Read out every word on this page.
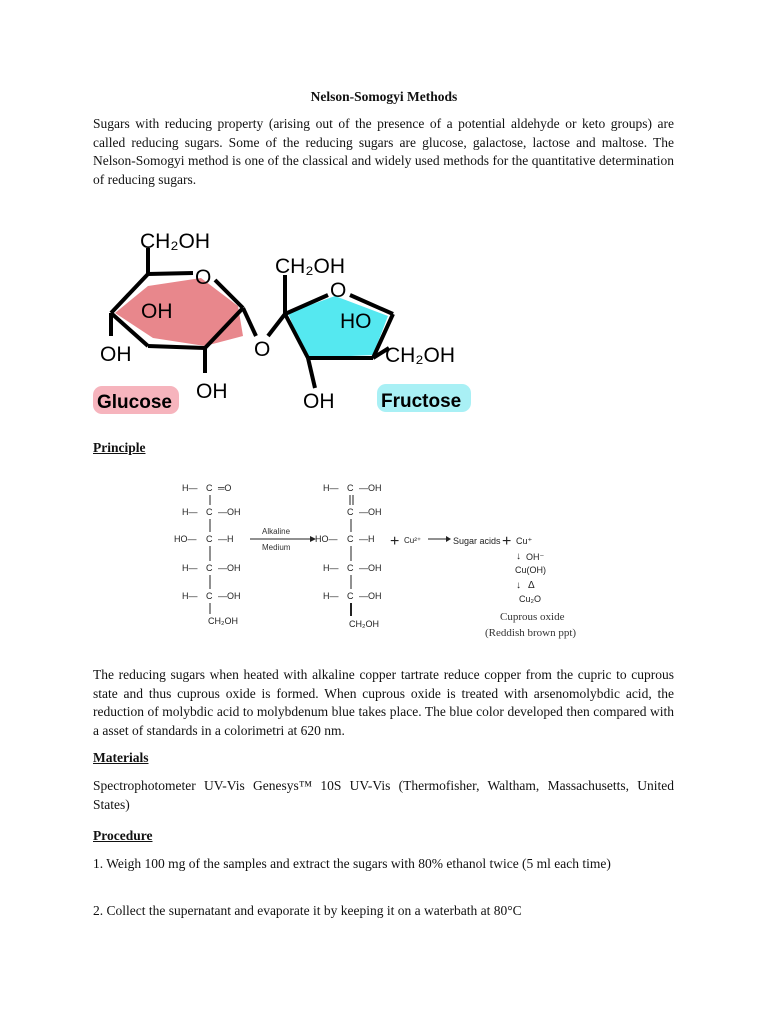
Nelson-Somogyi Methods

Sugars with reducing property (arising out of the presence of a potential aldehyde or keto groups) are called reducing sugars. Some of the reducing sugars are glucose, galactose, lactose and maltose. The Nelson-Somogyi method is one of the classical and widely used methods for the quantitative determination of reducing sugars.

CH₂OH
O
OH
OH
OH
O
CH₂OH
O
HO
CH₂OH
OH
Glucose	Fructose
Principle
H— C ═O
H— C —OH
HO— C —H
H— C —OH
H— C —OH
CH₂OH
Alkaline
Medium
H— C —OH
C —OH
HO— C —H
H— C —OH
H— C —OH
CH₂OH
+ Cu²⁺	Sugar acids + Cu⁺
↓ OH⁻
Cu(OH)
↓ Δ
Cu₂O
Cuprous oxide
(Reddish brown ppt)

The reducing sugars when heated with alkaline copper tartrate reduce copper from the cupric to cuprous state and thus cuprous oxide is formed. When cuprous oxide is treated with arsenomolybdic acid, the reduction of molybdic acid to molybdenum blue takes place. The blue color developed then compared with a asset of standards in a colorimetri at 620 nm.

Materials

Spectrophotometer UV-Vis Genesys™ 10S UV-Vis (Thermofisher, Waltham, Massachusetts, United States)

Procedure

1. Weigh 100 mg of the samples and extract the sugars with 80% ethanol twice (5 ml each time)

2. Collect the supernatant and evaporate it by keeping it on a waterbath at 80°C
